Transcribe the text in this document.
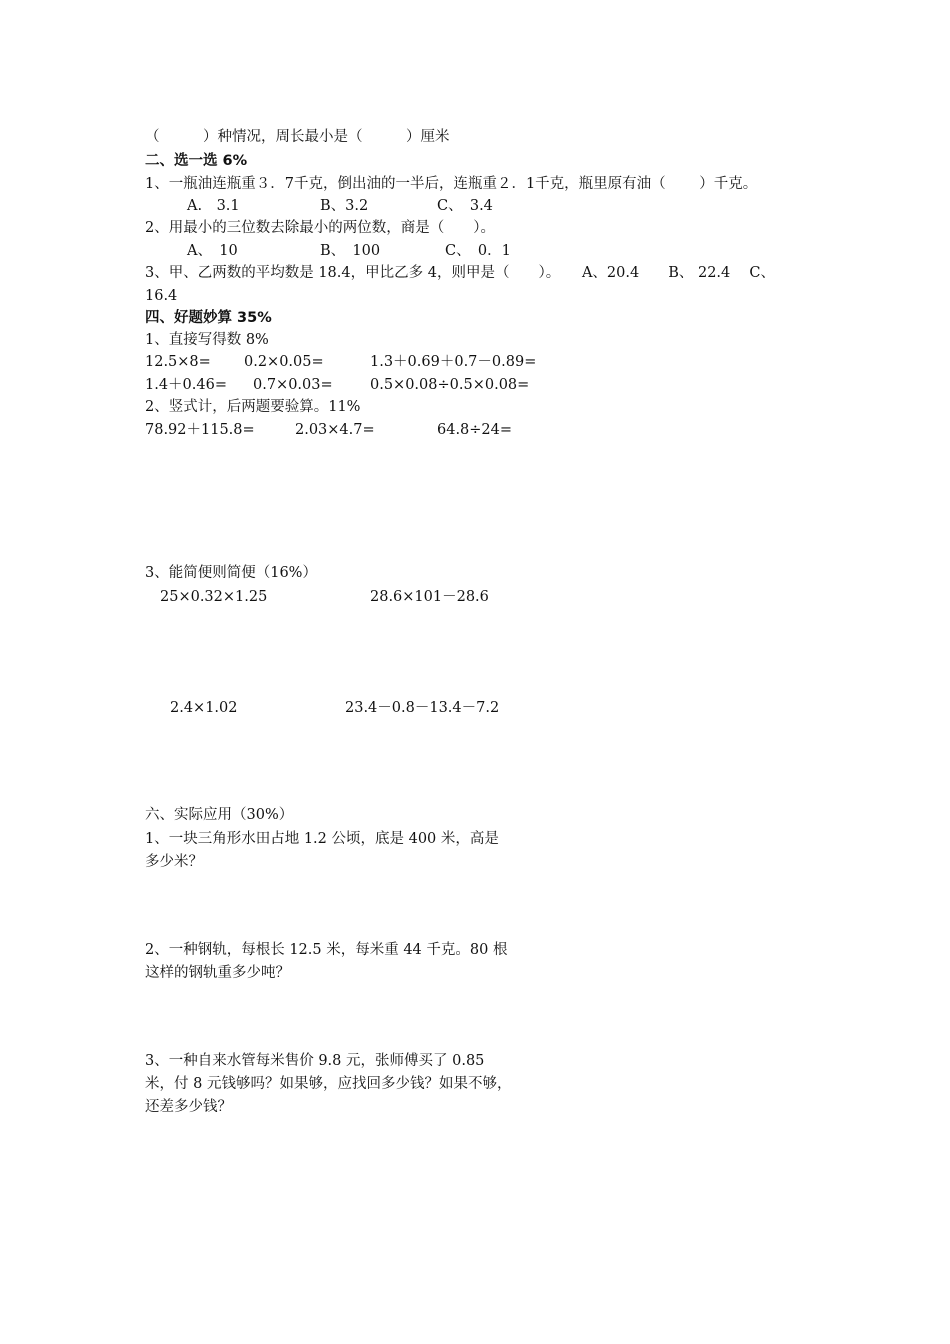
（　　　）种情况，周长最小是（　　　）厘米
二、选一选 6%
1、一瓶油连瓶重３．7千克，倒出油的一半后，连瓶重２．1千克，瓶里原有油（　　 ）千克。
A.　3.1	B、3.2	C、　3.4
2、用最小的三位数去除最小的两位数，商是（　　）。
A、　10	B、　100	C、　0．1
3、甲、乙两数的平均数是 18.4，甲比乙多 4，则甲是（　　）。　　A、20.4　　B、 22.4　 C、
16.4
四、好题妙算 35%
1、直接写得数 8%
12.5×8= 0.2×0.05=	1.3＋0.69＋0.7－0.89=
1.4＋0.46= 0.7×0.03=	0.5×0.08÷0.5×0.08=
2、竖式计，后两题要验算。11%
78.92＋115.8=	2.03×4.7=	64.8÷24=
3、能简便则简便（16%）
25×0.32×1.25	28.6×101－28.6
2.4×1.02	23.4－0.8－13.4－7.2
六、实际应用（30%）
1、一块三角形水田占地 1.2 公顷，底是 400 米，高是
多少米？
2、一种钢轨，每根长 12.5 米，每米重 44 千克。80 根
这样的钢轨重多少吨？
3、一种自来水管每米售价 9.8 元，张师傅买了 0.85
米，付 8 元钱够吗？如果够，应找回多少钱？如果不够，
还差多少钱？
